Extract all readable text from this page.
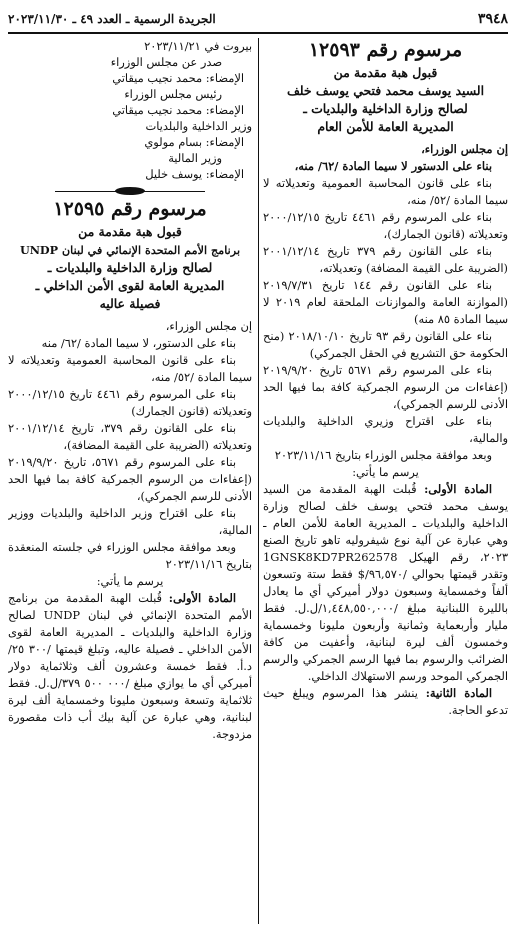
٣٩٤٨
الجريدة الرسمية ـ العدد ٤٩ ـ ٢٠٢٣/١١/٣٠

مرسوم رقم ١٢٥٩٣

قبول هبة مقدمة من

السيد يوسف محمد فتحي يوسف خلف

لصالح وزارة الداخلية والبلديات ـ

المديرية العامة للأمن العام

إن مجلس الوزراء،

بناء على الدستور لا سيما المادة /٦٢/ منه،

بناء على قانون المحاسبة العمومية وتعديلاته لا سيما المادة /٥٢/ منه،

بناء على المرسوم رقم ٤٤٦١ تاريخ ٢٠٠٠/١٢/١٥ وتعديلاته (قانون الجمارك)،

بناء على القانون رقم ٣٧٩ تاريخ ٢٠٠١/١٢/١٤ (الضريبة على القيمة المضافة) وتعديلاته،

بناء على القانون رقم ١٤٤ تاريخ ٢٠١٩/٧/٣١ (الموازنة العامة والموازنات الملحقة لعام ٢٠١٩ لا سيما المادة ٨٥ منه)

بناء على القانون رقم ٩٣ تاريخ ٢٠١٨/١٠/١٠ (منح الحكومة حق التشريع في الحقل الجمركي)

بناء على المرسوم رقم ٥٦٧١ تاريخ ٢٠١٩/٩/٢٠ (إعفاءات من الرسوم الجمركية كافة بما فيها الحد الأدنى للرسم الجمركي)،

بناء على اقتراح وزيري الداخلية والبلديات والمالية،

وبعد موافقة مجلس الوزراء بتاريخ ٢٠٢٣/١١/١٦

يرسم ما يأتي:

المادة الأولى: قُبلت الهبة المقدمة من السيد يوسف محمد فتحي يوسف خلف لصالح وزارة الداخلية والبلديات ـ المديرية العامة للأمن العام ـ وهي عبارة عن آلية نوع شيفروليه تاهو تاريخ الصنع ٢٠٢٣، رقم الهيكل 1GNSK8KD7PR262578 وتقدر قيمتها بحوالي /٩٦,٥٧٠/$ فقط ستة وتسعون ألفاً وخمسماية وسبعون دولار أميركي أي ما يعادل بالليرة اللبنانية مبلغ /١,٤٤٨,٥٥٠,٠٠٠/ل.ل. فقط مليار وأربعماية وثمانية وأربعون مليونا وخمسماية وخمسون ألف ليرة لبنانية، وأعفيت من كافة الضرائب والرسوم بما فيها الرسم الجمركي والرسم الجمركي الموحد ورسم الاستهلاك الداخلي.

المادة الثانية: ينشر هذا المرسوم ويبلغ حيث تدعو الحاجة.

بيروت في ٢٠٢٣/١١/٢١

صدر عن مجلس الوزراء

الإمضاء: محمد نجيب ميقاتي

رئيس مجلس الوزراء

الإمضاء: محمد نجيب ميقاتي

وزير الداخلية والبلديات

الإمضاء: بسام مولوي

وزير المالية

الإمضاء: يوسف خليل

مرسوم رقم ١٢٥٩٥

قبول هبة مقدمة من

برنامج الأمم المتحدة الإنمائي في لبنان UNDP

لصالح وزارة الداخلية والبلديات ـ

المديرية العامة لقوى الأمن الداخلي ـ

فصيلة عاليه

إن مجلس الوزراء،

بناء على الدستور، لا سيما المادة /٦٢/ منه

بناء على قانون المحاسبة العمومية وتعديلاته لا سيما المادة /٥٢/ منه،

بناء على المرسوم رقم ٤٤٦١ تاريخ ٢٠٠٠/١٢/١٥ وتعديلاته (قانون الجمارك)

بناء على القانون رقم ٣٧٩، تاريخ ٢٠٠١/١٢/١٤ وتعديلاته (الضريبة على القيمة المضافة)،

بناء على المرسوم رقم ٥٦٧١، تاريخ ٢٠١٩/٩/٢٠ (إعفاءات من الرسوم الجمركية كافة بما فيها الحد الأدنى للرسم الجمركي)،

بناء على اقتراح وزير الداخلية والبلديات ووزير المالية،

وبعد موافقة مجلس الوزراء في جلسته المنعقدة بتاريخ ٢٠٢٣/١١/١٦

يرسم ما يأتي:

المادة الأولى: قُبلت الهبة المقدمة من برنامج الأمم المتحدة الإنمائي في لبنان UNDP لصالح وزارة الداخلية والبلديات ـ المديرية العامة لقوى الأمن الداخلي ـ فصيلة عاليه، وتبلغ قيمتها /٣٠٠ ٢٥/د.أ. فقط خمسة وعشرون ألف وثلاثماية دولار أميركي أي ما يوازي مبلغ /٠٠٠ ٥٠٠ ٣٧٩/ل.ل. فقط ثلاثماية وتسعة وسبعون مليونا وخمسماية ألف ليرة لبنانية، وهي عبارة عن آلية بيك أب ذات مقصورة مزدوجة.
